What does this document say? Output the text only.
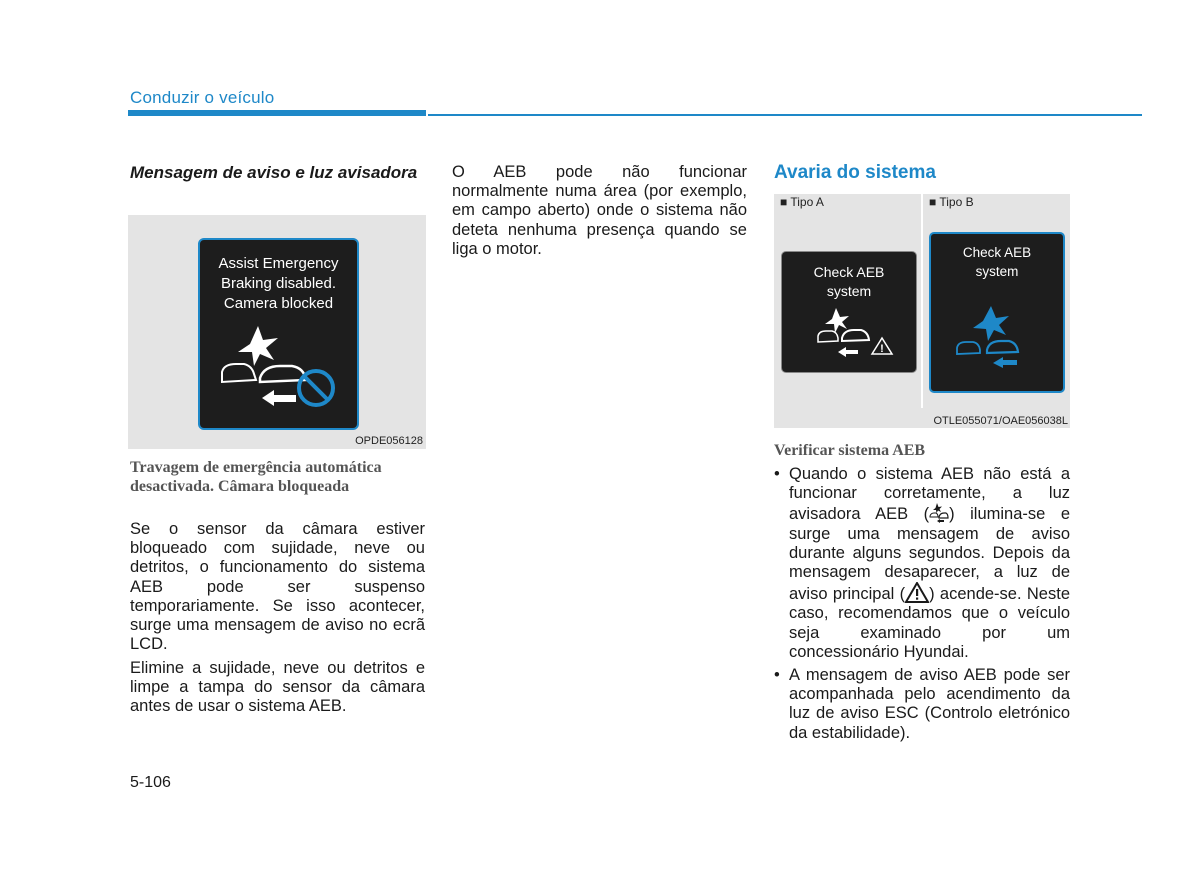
Conduzir o veículo
Mensagem de aviso e luz avisadora
Assist Emergency
Braking disabled.
Camera blocked
OPDE056128
Travagem de emergência automática desactivada. Câmara bloqueada
Se o sensor da câmara estiver bloqueado com sujidade, neve ou detritos, o funcionamento do sistema AEB pode ser suspenso temporariamente. Se isso acontecer, surge uma mensagem de aviso no ecrã LCD.
Elimine a sujidade, neve ou detritos e limpe a tampa do sensor da câmara antes de usar o sistema AEB.
5-106
O AEB pode não funcionar normalmente numa área (por exemplo, em campo aberto) onde o sistema não deteta nenhuma presença quando se liga o motor.
Avaria do sistema
■ Tipo A	■ Tipo B
Check AEB
system
!
Check AEB
system
OTLE055071/OAE056038L
Verificar sistema AEB
• Quando o sistema AEB não está a funcionar corretamente, a luz avisadora AEB ( ) ilumina-se e surge uma mensagem de aviso durante alguns segundos. Depois da mensagem desaparecer, a luz de aviso principal ( ) acende-se. Neste caso, recomendamos que o veículo seja examinado por um concessionário Hyundai.
• A mensagem de aviso AEB pode ser acompanhada pelo acendimento da luz de aviso ESC (Controlo eletrónico da estabilidade).
